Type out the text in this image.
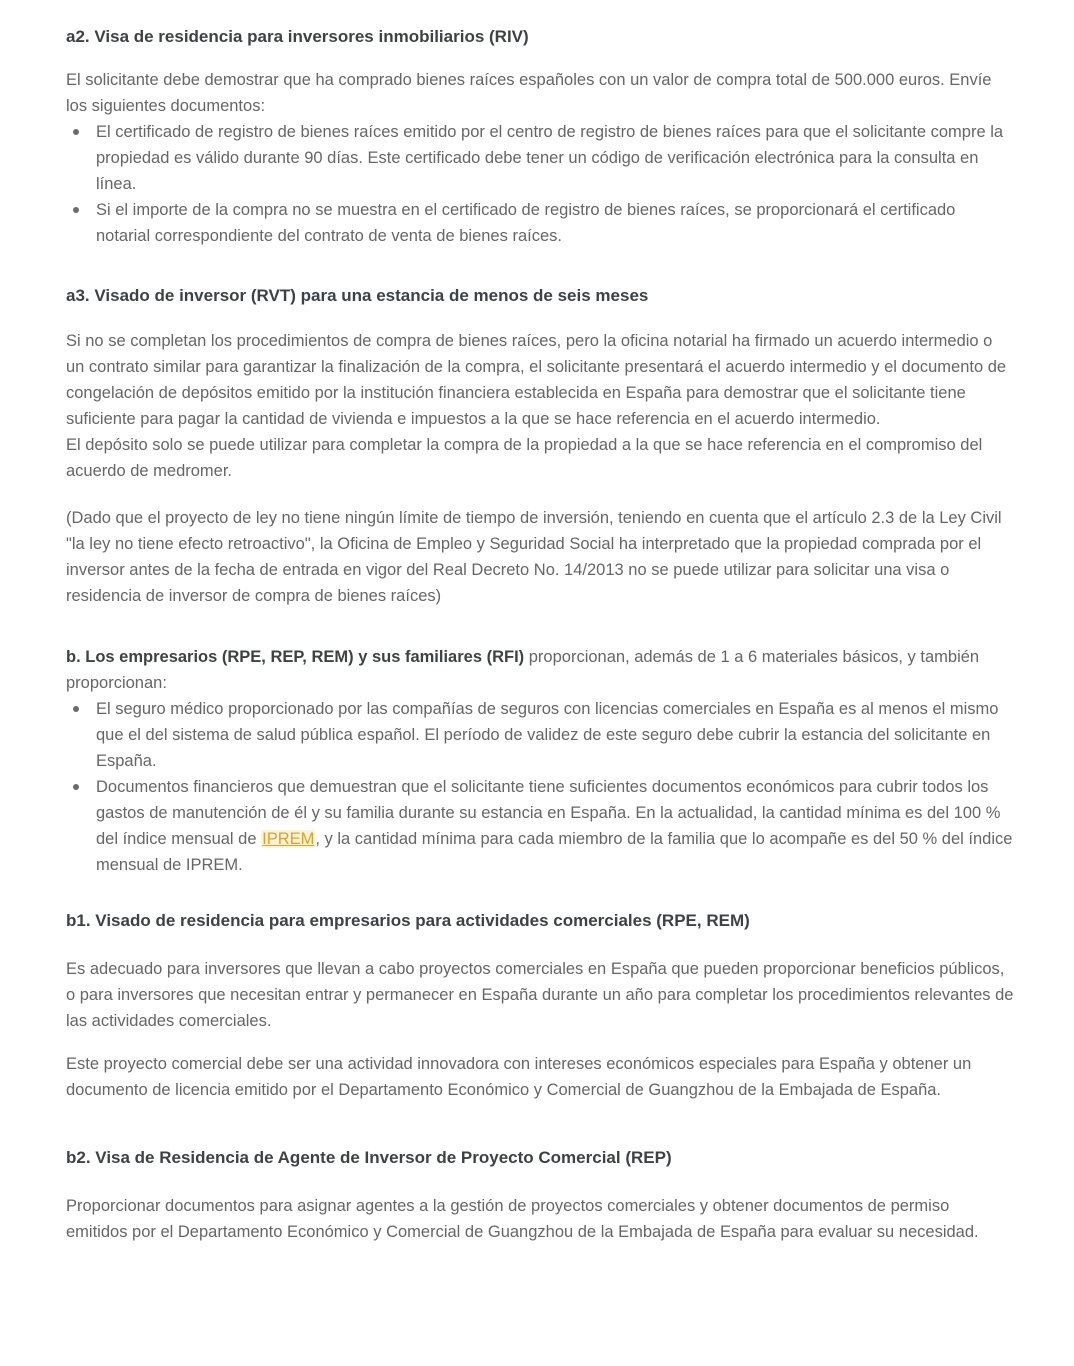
a2. Visa de residencia para inversores inmobiliarios (RIV)

El solicitante debe demostrar que ha comprado bienes raíces españoles con un valor de compra total de 500.000 euros. Envíe los siguientes documentos:

El certificado de registro de bienes raíces emitido por el centro de registro de bienes raíces para que el solicitante compre la propiedad es válido durante 90 días. Este certificado debe tener un código de verificación electrónica para la consulta en línea.
Si el importe de la compra no se muestra en el certificado de registro de bienes raíces, se proporcionará el certificado notarial correspondiente del contrato de venta de bienes raíces.
a3. Visado de inversor (RVT) para una estancia de menos de seis meses

Si no se completan los procedimientos de compra de bienes raíces, pero la oficina notarial ha firmado un acuerdo intermedio o un contrato similar para garantizar la finalización de la compra, el solicitante presentará el acuerdo intermedio y el documento de congelación de depósitos emitido por la institución financiera establecida en España para demostrar que el solicitante tiene suficiente para pagar la cantidad de vivienda e impuestos a la que se hace referencia en el acuerdo intermedio.
El depósito solo se puede utilizar para completar la compra de la propiedad a la que se hace referencia en el compromiso del acuerdo de medromer.

(Dado que el proyecto de ley no tiene ningún límite de tiempo de inversión, teniendo en cuenta que el artículo 2.3 de la Ley Civil "la ley no tiene efecto retroactivo", la Oficina de Empleo y Seguridad Social ha interpretado que la propiedad comprada por el inversor antes de la fecha de entrada en vigor del Real Decreto No. 14/2013 no se puede utilizar para solicitar una visa o residencia de inversor de compra de bienes raíces)

b. Los empresarios (RPE, REP, REM) y sus familiares (RFI) proporcionan, además de 1 a 6 materiales básicos, y también proporcionan:

El seguro médico proporcionado por las compañías de seguros con licencias comerciales en España es al menos el mismo que el del sistema de salud pública español. El período de validez de este seguro debe cubrir la estancia del solicitante en España.
Documentos financieros que demuestran que el solicitante tiene suficientes documentos económicos para cubrir todos los gastos de manutención de él y su familia durante su estancia en España. En la actualidad, la cantidad mínima es del 100 % del índice mensual de IPREM, y la cantidad mínima para cada miembro de la familia que lo acompañe es del 50 % del índice mensual de IPREM.
b1. Visado de residencia para empresarios para actividades comerciales (RPE, REM)

Es adecuado para inversores que llevan a cabo proyectos comerciales en España que pueden proporcionar beneficios públicos, o para inversores que necesitan entrar y permanecer en España durante un año para completar los procedimientos relevantes de las actividades comerciales.

Este proyecto comercial debe ser una actividad innovadora con intereses económicos especiales para España y obtener un documento de licencia emitido por el Departamento Económico y Comercial de Guangzhou de la Embajada de España.

b2. Visa de Residencia de Agente de Inversor de Proyecto Comercial (REP)

Proporcionar documentos para asignar agentes a la gestión de proyectos comerciales y obtener documentos de permiso emitidos por el Departamento Económico y Comercial de Guangzhou de la Embajada de España para evaluar su necesidad.
